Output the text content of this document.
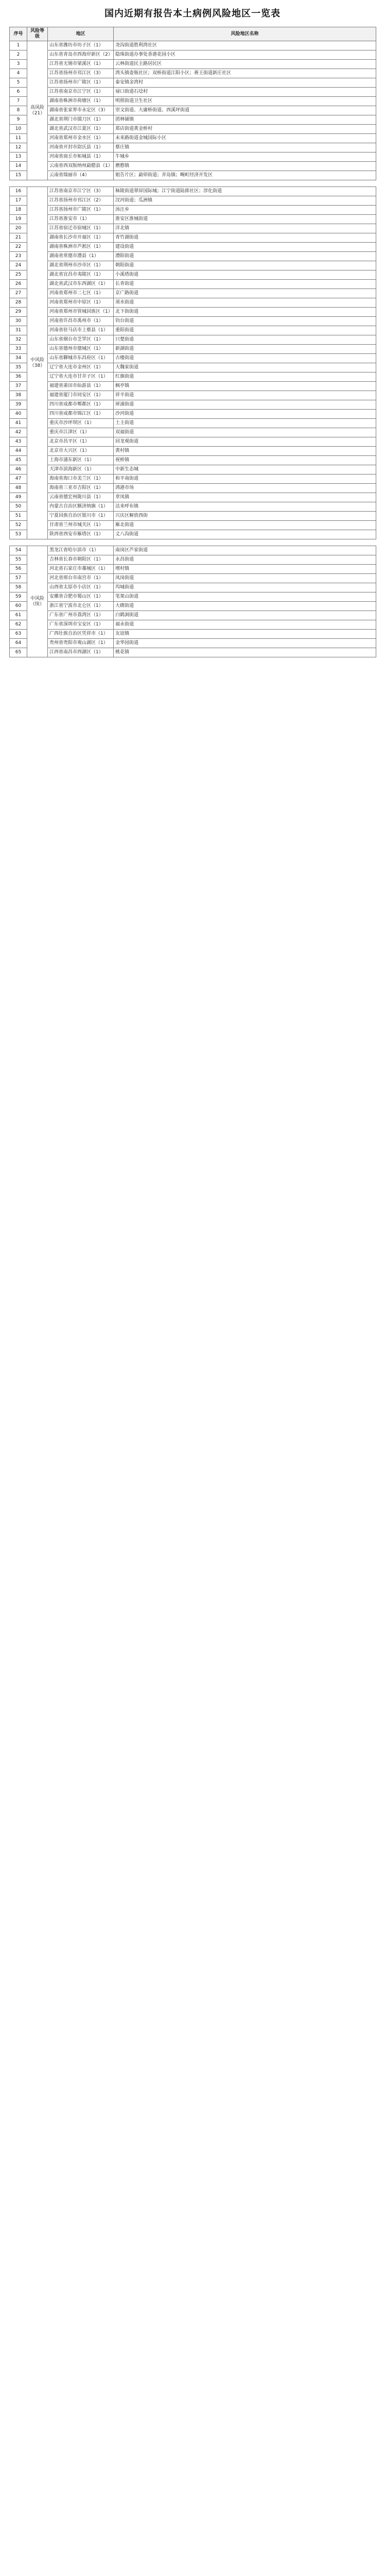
国内近期有报告本土病例风险地区一览表
序号	风险等级	地区	风险地区名称
1	高风险（21）	山东省潍坊市坊子区（1）	尧沟街道胜利湾社区
2		山东省青岛市西海岸新区（2）	隐珠街道办事处香港花园小区
3		江苏省无锡市梁溪区（1）	云林街道民主路居民区
4		江苏省扬州市邗江区（3）	湾头镇壶瓶社区；双桥街道江阳小区；蒋王街道新庄社区
5		江苏省扬州市广陵区（1）	泰安镇金湾村
6		江苏省南京市江宁区（1）	禄口街道石埝村
7		湖南省株洲市荷塘区（1）	明照街道卫生社区
8		湖南省张家界市永定区（3）	崇文街道、大庸桥街道、西溪坪街道
9		湖北省荆门市掇刀区（1）	团林铺镇
10		湖北省武汉市江夏区（1）	郑店街道黄金桥村
11		河南省郑州市金水区（1）	未来路街道金城国际小区
12		河南省开封市尉氏县（1）	蔡庄镇
13		河南省商丘市柘城县（1）	牛城乡
14		云南省西双版纳州勐腊县（1）	磨憨镇
15		云南省瑞丽市（4）	姐告片区；勐卯街道；弄岛镇；畹町经济开发区

16	中风险（38）	江苏省南京市江宁区（3）	秣陵街道翠屏国际城；江宁街道陆郎社区；淳化街道
17		江苏省扬州市邗江区（2）	汊河街道；瓜洲镇
18		江苏省扬州市广陵区（1）	汤汪乡
19		江苏省淮安市（1）	淮安区淮城街道
20		江苏省宿迁市宿城区（1）	洋北镇
21		湖南省长沙市开福区（1）	青竹湖街道
22		湖南省株洲市芦淞区（1）	建设街道
23		湖南省常德市澧县（1）	澧阳街道
24		湖北省荆州市沙市区（1）	朝阳街道
25		湖北省宜昌市夷陵区（1）	小溪塔街道
26		湖北省武汉市东西湖区（1）	长青街道
27		河南省郑州市二七区（1）	京广路街道
28		河南省郑州市中原区（1）	须水街道
29		河南省郑州市管城回族区（1）	北下街街道
30		河南省许昌市禹州市（1）	钧台街道
31		河南省驻马店市上蔡县（1）	重阳街道
32		山东省烟台市芝罘区（1）	只楚街道
33		山东省德州市德城区（1）	新湖街道
34		山东省聊城市东昌府区（1）	古楼街道
35		辽宁省大连市金州区（1）	大魏家街道
36		辽宁省大连市甘井子区（1）	红旗街道
37		福建省莆田市仙游县（1）	枫亭镇
38		福建省厦门市同安区（1）	祥平街道
39		四川省成都市郫都区（1）	犀浦街道
40		四川省成都市锦江区（1）	沙河街道
41		重庆市沙坪坝区（1）	土主街道
42		重庆市江津区（1）	双福街道
43		北京市昌平区（1）	回龙观街道
44		北京市大兴区（1）	黄村镇
45		上海市浦东新区（1）	祝桥镇
46		天津市滨海新区（1）	中新生态城
47		海南省海口市美兰区（1）	和平南街道
48		海南省三亚市吉阳区（1）	鸿港市场
49		云南省德宏州陇川县（1）	章凤镇
50		内蒙古自治区额济纳旗（1）	达来呼布镇
51		宁夏回族自治区银川市（1）	兴庆区解放西街
52		甘肃省兰州市城关区（1）	雁北街道
53		陕西省西安市雁塔区（1）	丈八沟街道

54	中风险（续）	黑龙江省哈尔滨市（1）	南岗区芦家街道
55		吉林省长春市朝阳区（1）	永昌街道
56		河北省石家庄市藁城区（1）	增村镇
57		河北省邢台市南宫市（1）	凤岗街道
58		山西省太原市小店区（1）	坞城街道
59		安徽省合肥市蜀山区（1）	笔架山街道
60		浙江省宁波市北仑区（1）	大碶街道
61		广东省广州市荔湾区（1）	白鹤洞街道
62		广东省深圳市宝安区（1）	福永街道
63		广西壮族自治区凭祥市（1）	友谊镇
64		贵州省贵阳市观山湖区（1）	金华园街道
65		江西省南昌市西湖区（1）	桃花镇
